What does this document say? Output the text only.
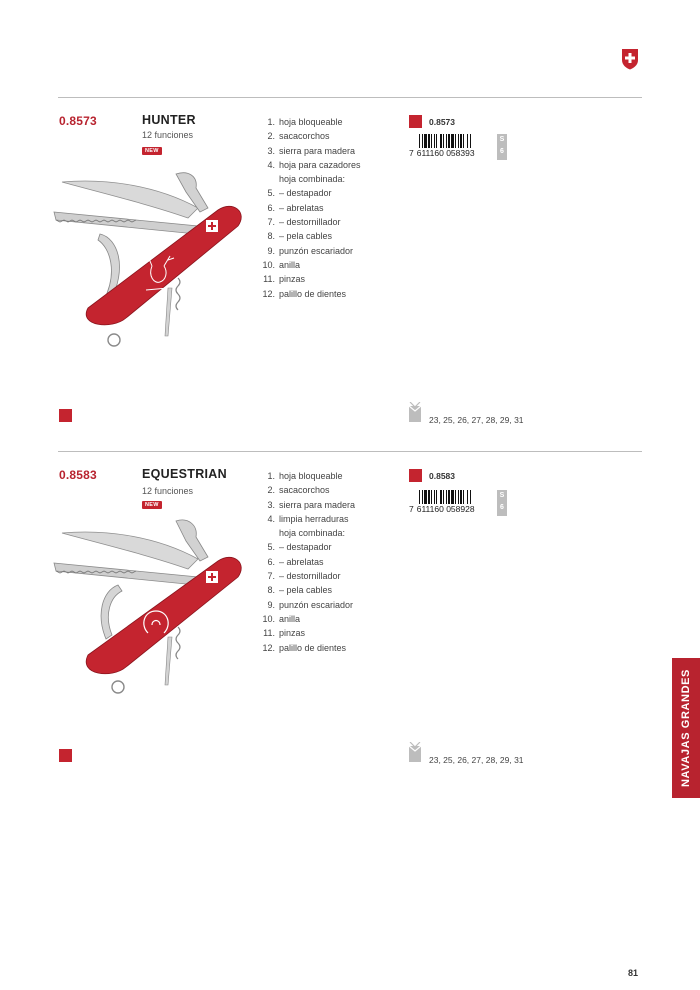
0.8573	HUNTER
12 funciones
NEW
1. hoja bloqueable
2. sacacorchos
3. sierra para madera
4. hoja para cazadores
hoja combinada:
5. – destapador
6. – abrelatas
7. – destornillador
8. – pela cables
9. punzón escariador
10. anilla
11. pinzas
12. palillo de dientes
0.8573
7 611160 058393
S 6
23, 25, 26, 27, 28, 29, 31
0.8583	EQUESTRIAN
12 funciones
NEW
1. hoja bloqueable
2. sacacorchos
3. sierra para madera
4. limpia herraduras
hoja combinada:
5. – destapador
6. – abrelatas
7. – destornillador
8. – pela cables
9. punzón escariador
10. anilla
11. pinzas
12. palillo de dientes
0.8583
7 611160 058928
S 6
23, 25, 26, 27, 28, 29, 31	NAVAJAS GRANDES
81
